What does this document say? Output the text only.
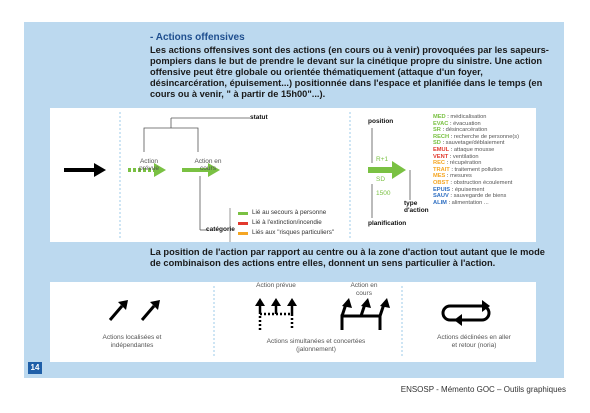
- Actions offensives
Les actions offensives sont des actions (en cours ou à venir) provoquées par les sapeurs-pompiers dans le but de prendre le devant sur la cinétique propre du sinistre. Une action offensive peut être globale ou orientée thématiquement (attaque d'un foyer, désincarcération, épuisement...) positionnée dans l'espace et planifiée dans le temps (en cours ou à venir, " à partir de 15h00"...).
statut
Action prévue
Action en cours
catégorie
Lié au secours à personne
Lié à l'extinction/incendie
Liés aux "risques particuliers"
position
R+1
SD
1500
type d'action
planification
MED : médicalisation
EVAC : évacuation
SR : désincarcération
RECH : recherche de personne(s)
SD : sauvetage/déblaiement
EMUL : attaque mousse
VENT : ventilation
REC : récupération
TRAIT : traitement pollution
MES : mesures
OBST : obstruction écoulement
EPUIS : épuisement
SAUV : sauvegarde de biens
ALIM : alimentation ...
La position de l'action par rapport au centre ou à la zone d'action tout autant que le mode de combinaison des actions entre elles, donnent un sens particulier à l'action.
Actions localisées et indépendantes
Action prévue	Action en cours
Actions simultanées et concertées (jalonnement)
Actions déclinées en aller et retour (noria)
14
ENSOSP - Mémento GOC – Outils graphiques
